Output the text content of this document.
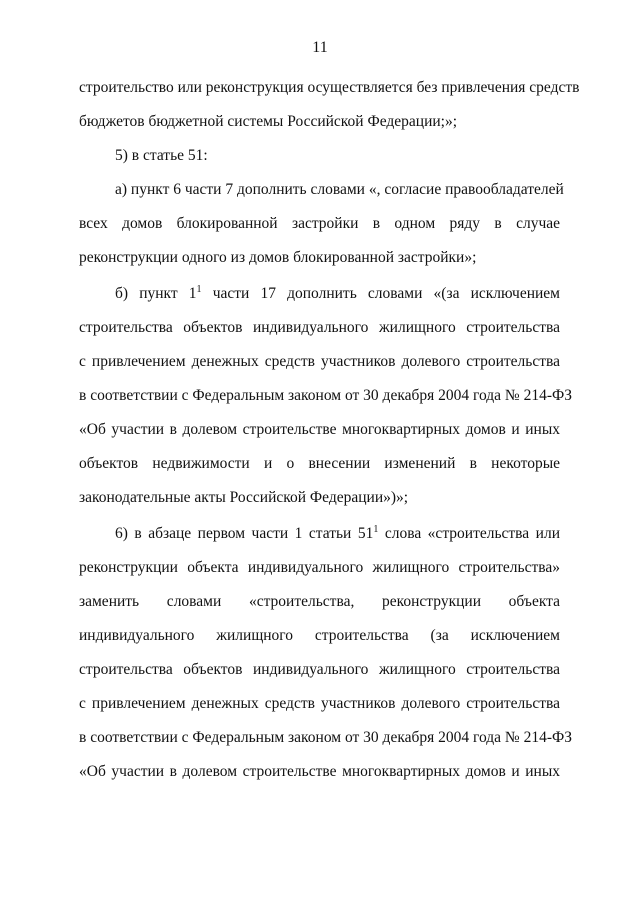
11
строительство или реконструкция осуществляется без привлечения средств
бюджетов бюджетной системы Российской Федерации;»;
5) в статье 51:
а) пункт 6 части 7 дополнить словами «, согласие правообладателей
всех домов блокированной застройки в одном ряду в случае
реконструкции одного из домов блокированной застройки»;
б) пункт $1^1$ части 17 дополнить словами «(за исключением
строительства объектов индивидуального жилищного строительства
с привлечением денежных средств участников долевого строительства
в соответствии с Федеральным законом от 30 декабря 2004 года № 214-ФЗ
«Об участии в долевом строительстве многоквартирных домов и иных
объектов недвижимости и о внесении изменений в некоторые
законодательные акты Российской Федерации»)»;
6) в абзаце первом части 1 статьи $51^1$ слова «строительства или
реконструкции объекта индивидуального жилищного строительства»
заменить словами «строительства, реконструкции объекта
индивидуального жилищного строительства (за исключением
строительства объектов индивидуального жилищного строительства
с привлечением денежных средств участников долевого строительства
в соответствии с Федеральным законом от 30 декабря 2004 года № 214-ФЗ
«Об участии в долевом строительстве многоквартирных домов и иных
